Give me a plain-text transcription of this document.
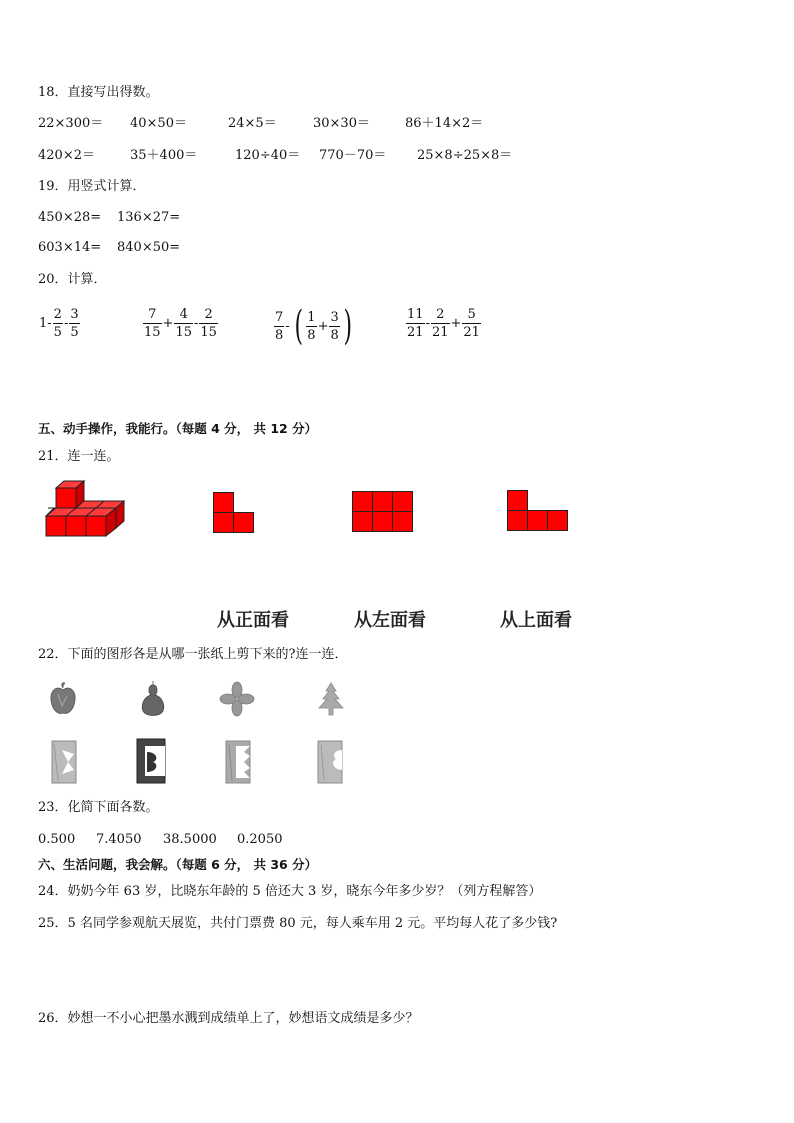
18．直接写出得数。
22×300＝ 40×50＝	24×5＝	30×30＝	86＋14×2＝
420×2＝	35＋400＝	120÷40＝ 770－70＝ 25×8÷25×8＝
19．用竖式计算．
450×28= 136×27=
603×14= 840×50=
20．计算．
$1- \frac{2}{5} - \frac{3}{5}$	$\frac{7}{15} + \frac{4}{15} - \frac{2}{15}$	$\frac{7}{8}$ - ( $\frac{1}{8} + \frac{3}{8}$ )	$\frac{11}{21} - \frac{2}{21} + \frac{5}{21}$
五、动手操作，我能行。（每题 4 分， 共 12 分）
21．连一连。
从正面看	从左面看	从上面看
22．下面的图形各是从哪一张纸上剪下来的?连一连．
23．化简下面各数。
0.500 7.4050 38.5000 0.2050
六、生活问题，我会解。（每题 6 分， 共 36 分）
24．奶奶今年 63 岁，比晓东年龄的 5 倍还大 3 岁，晓东今年多少岁？（列方程解答）
25．5 名同学参观航天展览，共付门票费 80 元，每人乘车用 2 元。平均每人花了多少钱?
26．妙想一不小心把墨水溅到成绩单上了，妙想语文成绩是多少？
